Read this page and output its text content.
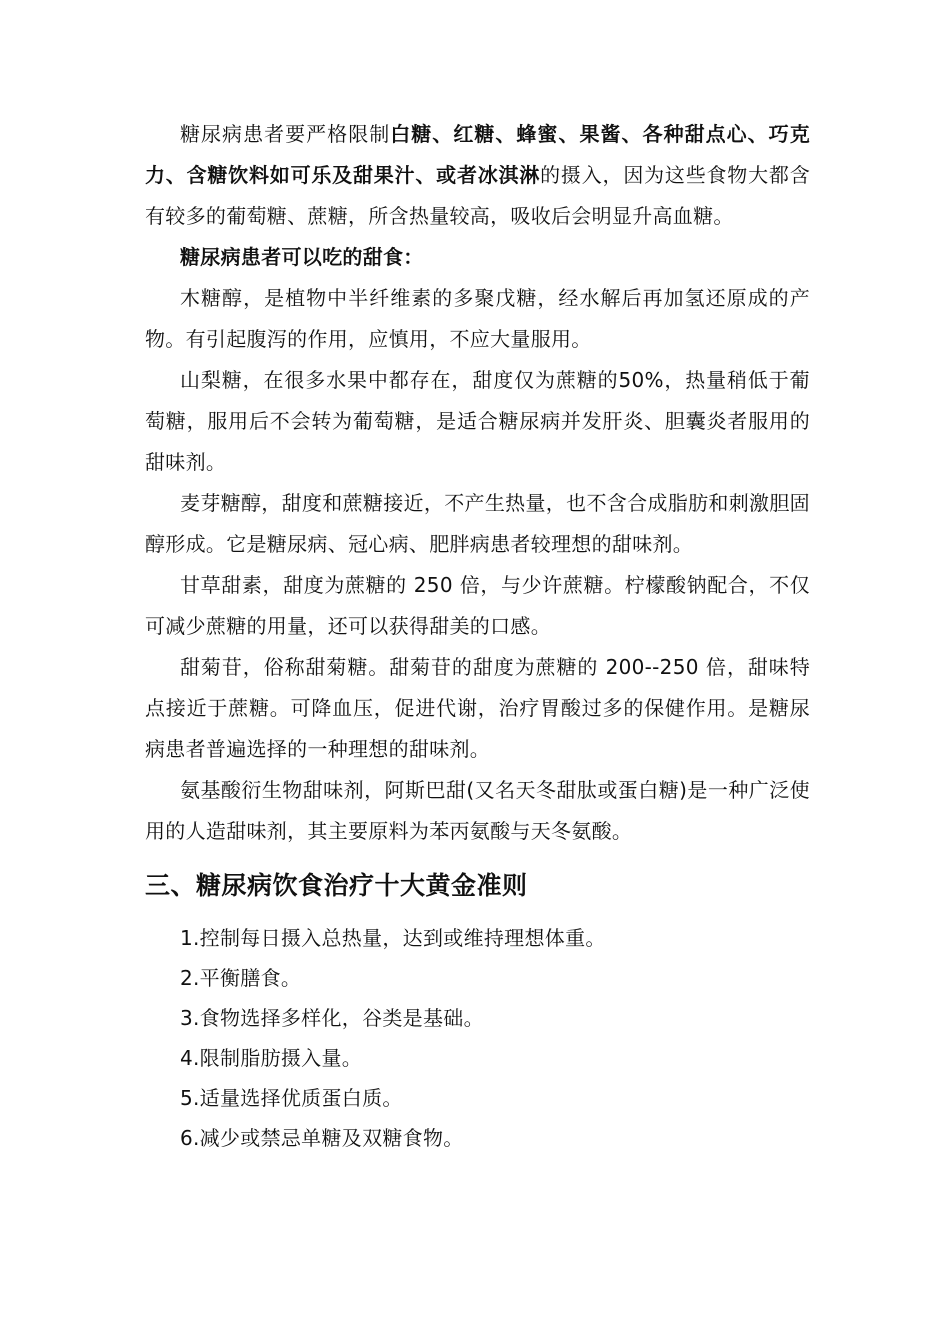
糖尿病患者要严格限制白糖、红糖、蜂蜜、果酱、各种甜点心、巧克力、含糖饮料如可乐及甜果汁、或者冰淇淋的摄入，因为这些食物大都含有较多的葡萄糖、蔗糖，所含热量较高，吸收后会明显升高血糖。

糖尿病患者可以吃的甜食：

木糖醇，是植物中半纤维素的多聚戊糖，经水解后再加氢还原成的产物。有引起腹泻的作用，应慎用，不应大量服用。

山梨糖，在很多水果中都存在，甜度仅为蔗糖的50%，热量稍低于葡萄糖，服用后不会转为葡萄糖，是适合糖尿病并发肝炎、胆囊炎者服用的甜味剂。

麦芽糖醇，甜度和蔗糖接近，不产生热量，也不含合成脂肪和刺激胆固醇形成。它是糖尿病、冠心病、肥胖病患者较理想的甜味剂。

甘草甜素，甜度为蔗糖的 250 倍，与少许蔗糖。柠檬酸钠配合，不仅可减少蔗糖的用量，还可以获得甜美的口感。

甜菊苷，俗称甜菊糖。甜菊苷的甜度为蔗糖的 200--250 倍，甜味特点接近于蔗糖。可降血压，促进代谢，治疗胃酸过多的保健作用。是糖尿病患者普遍选择的一种理想的甜味剂。

氨基酸衍生物甜味剂，阿斯巴甜(又名天冬甜肽或蛋白糖)是一种广泛使用的人造甜味剂，其主要原料为苯丙氨酸与天冬氨酸。

三、糖尿病饮食治疗十大黄金准则
1.控制每日摄入总热量，达到或维持理想体重。
2.平衡膳食。
3.食物选择多样化，谷类是基础。
4.限制脂肪摄入量。
5.适量选择优质蛋白质。
6.减少或禁忌单糖及双糖食物。
